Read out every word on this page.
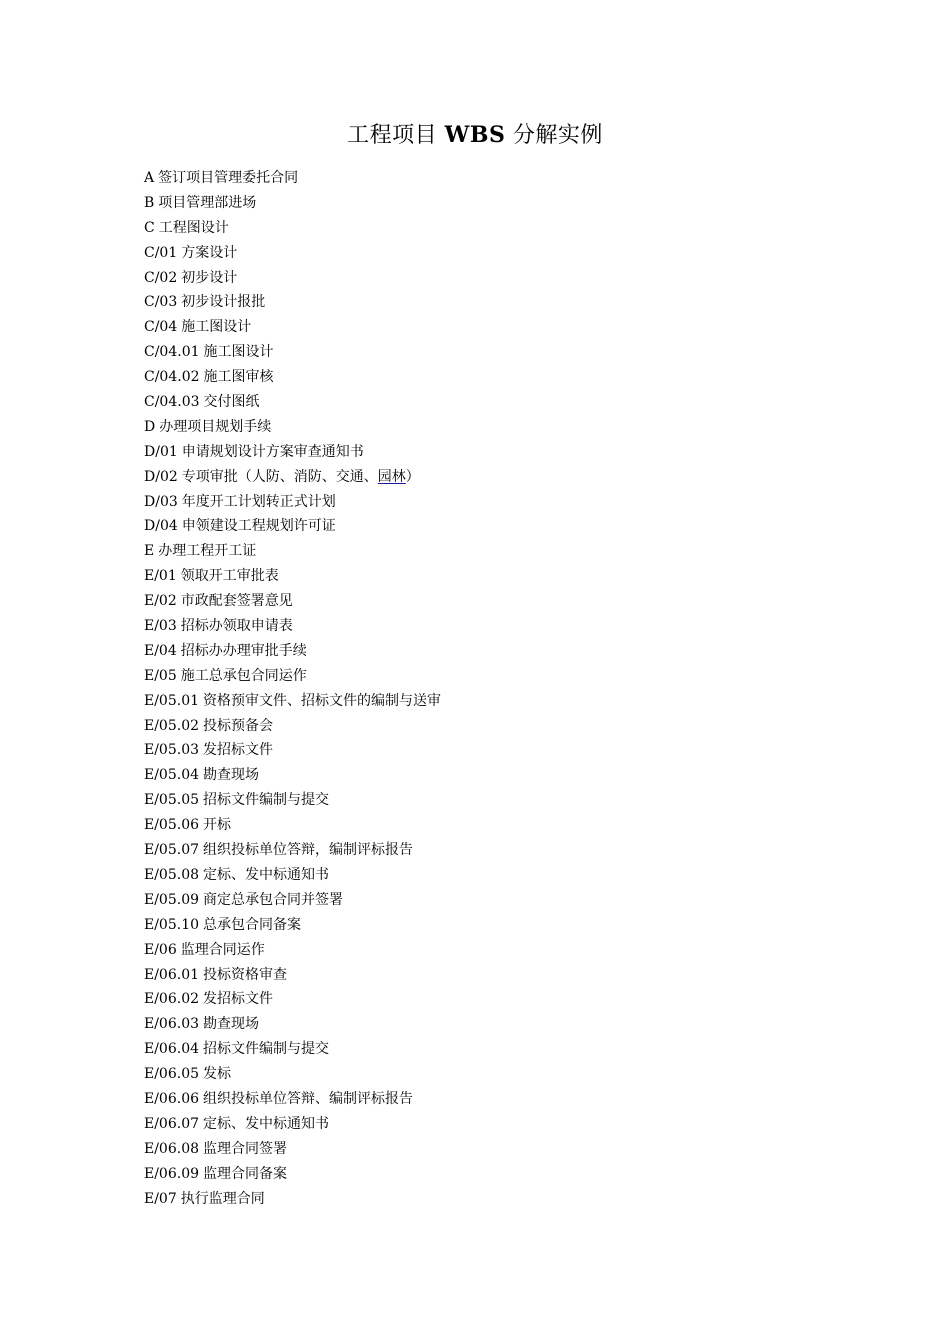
工程项目 WBS 分解实例
A 签订项目管理委托合同
B 项目管理部进场
C 工程图设计
C/01 方案设计
C/02 初步设计
C/03 初步设计报批
C/04 施工图设计
C/04.01 施工图设计
C/04.02 施工图审核
C/04.03 交付图纸
D 办理项目规划手续
D/01 申请规划设计方案审查通知书
D/02 专项审批（人防、消防、交通、园林）
D/03 年度开工计划转正式计划
D/04 申领建设工程规划许可证
E 办理工程开工证
E/01 领取开工审批表
E/02 市政配套签署意见
E/03 招标办领取申请表
E/04 招标办办理审批手续
E/05 施工总承包合同运作
E/05.01 资格预审文件、招标文件的编制与送审
E/05.02 投标预备会
E/05.03 发招标文件
E/05.04 勘查现场
E/05.05 招标文件编制与提交
E/05.06 开标
E/05.07 组织投标单位答辩，编制评标报告
E/05.08 定标、发中标通知书
E/05.09 商定总承包合同并签署
E/05.10 总承包合同备案
E/06 监理合同运作
E/06.01 投标资格审查
E/06.02 发招标文件
E/06.03 勘查现场
E/06.04 招标文件编制与提交
E/06.05 发标
E/06.06 组织投标单位答辩、编制评标报告
E/06.07 定标、发中标通知书
E/06.08 监理合同签署
E/06.09 监理合同备案
E/07 执行监理合同
